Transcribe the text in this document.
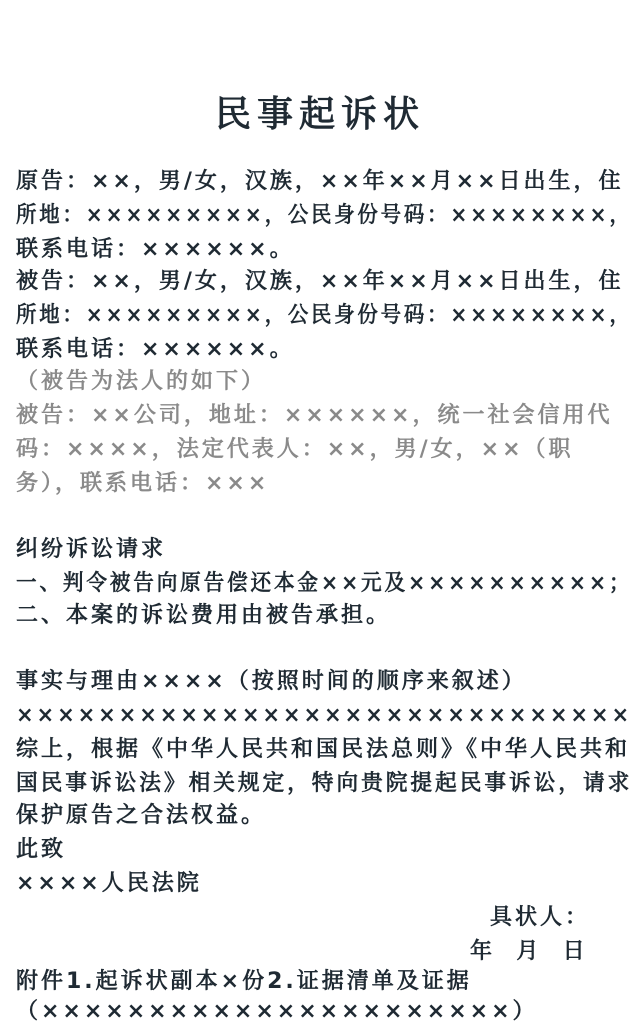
民事起诉状
原告：××，男/女，汉族，××年××月××日出生，住
所地：×××××××××，公民身份号码：××××××××，
联系电话：××××××。
被告：××，男/女，汉族，××年××月××日出生，住
所地：×××××××××，公民身份号码：××××××××，
联系电话：××××××。
（被告为法人的如下）
被告：××公司，地址：××××××，统一社会信用代
码：××××，法定代表人：××，男/女，××（职
务），联系电话：×××
纠纷诉讼请求
一、判令被告向原告偿还本金××元及××××××××××；
二、本案的诉讼费用由被告承担。
事实与理由××××（按照时间的顺序来叙述）
××××××××××××××××××××××××××××××
综上，根据《中华人民共和国民法总则》《中华人民共和
国民事诉讼法》相关规定，特向贵院提起民事诉讼，请求
保护原告之合法权益。
此致
××××人民法院
具状人：
年  月  日
附件1.起诉状副本×份2.证据清单及证据
（××××××××××××××××××××××）
